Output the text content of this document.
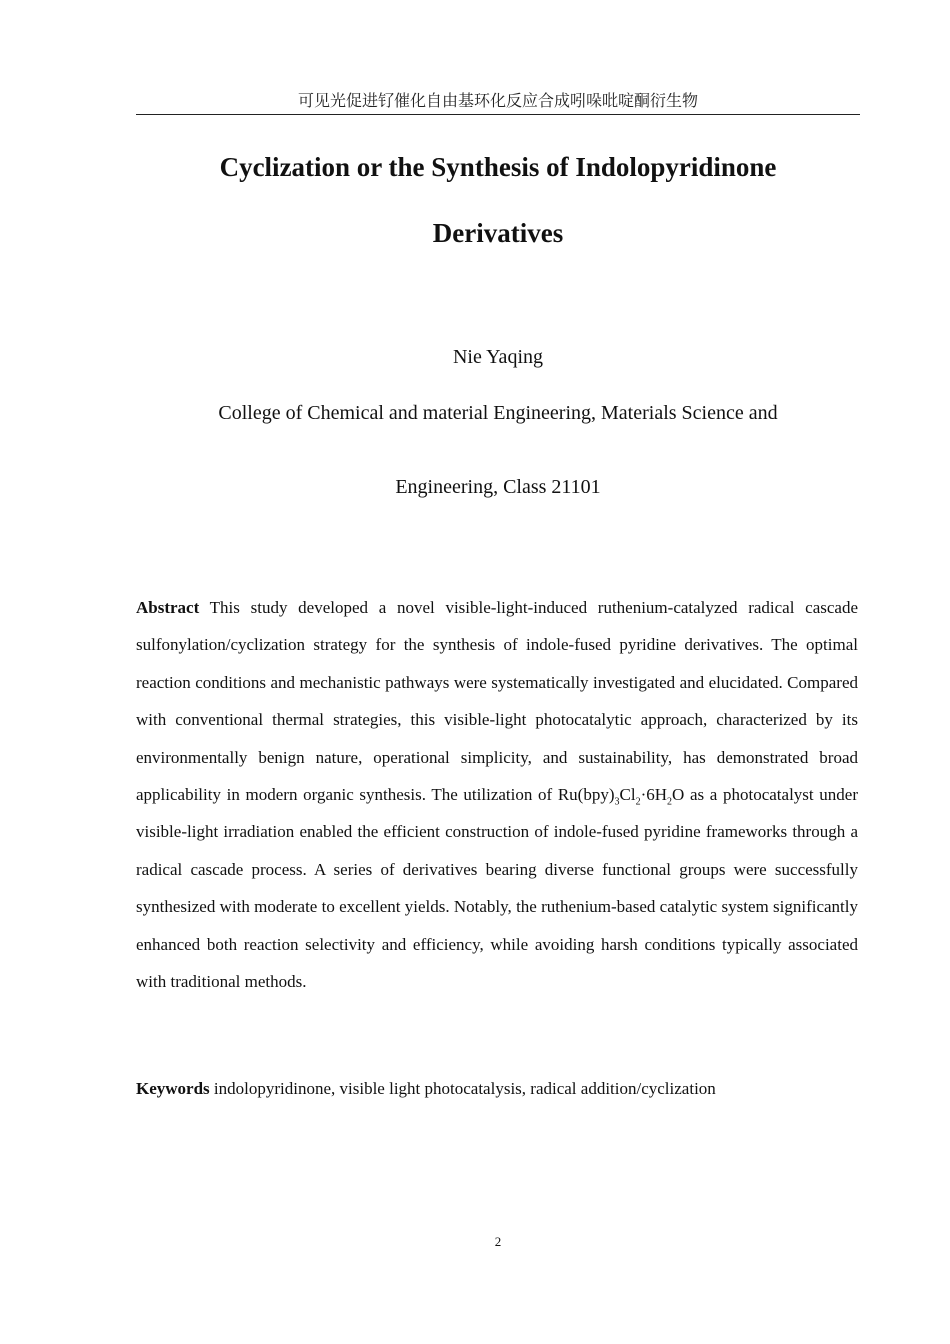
可见光促进钌催化自由基环化反应合成吲哚吡啶酮衍生物
Cyclization or the Synthesis of Indolopyridinone
Derivatives
Nie Yaqing
College of Chemical and material Engineering, Materials Science and
Engineering, Class 21101

Abstract This study developed a novel visible-light-induced ruthenium-catalyzed radical cascade sulfonylation/cyclization strategy for the synthesis of indole-fused pyridine derivatives. The optimal reaction conditions and mechanistic pathways were systematically investigated and elucidated. Compared with conventional thermal strategies, this visible-light photocatalytic approach, characterized by its environmentally benign nature, operational simplicity, and sustainability, has demonstrated broad applicability in modern organic synthesis. The utilization of $Ru(bpy)_3Cl_2\cdot 6H_2O$ as a photocatalyst under visible-light irradiation enabled the efficient construction of indole-fused pyridine frameworks through a radical cascade process. A series of derivatives bearing diverse functional groups were successfully synthesized with moderate to excellent yields. Notably, the ruthenium-based catalytic system significantly enhanced both reaction selectivity and efficiency, while avoiding harsh conditions typically associated with traditional methods.

Keywords indolopyridinone, visible light photocatalysis, radical addition/cyclization

2
